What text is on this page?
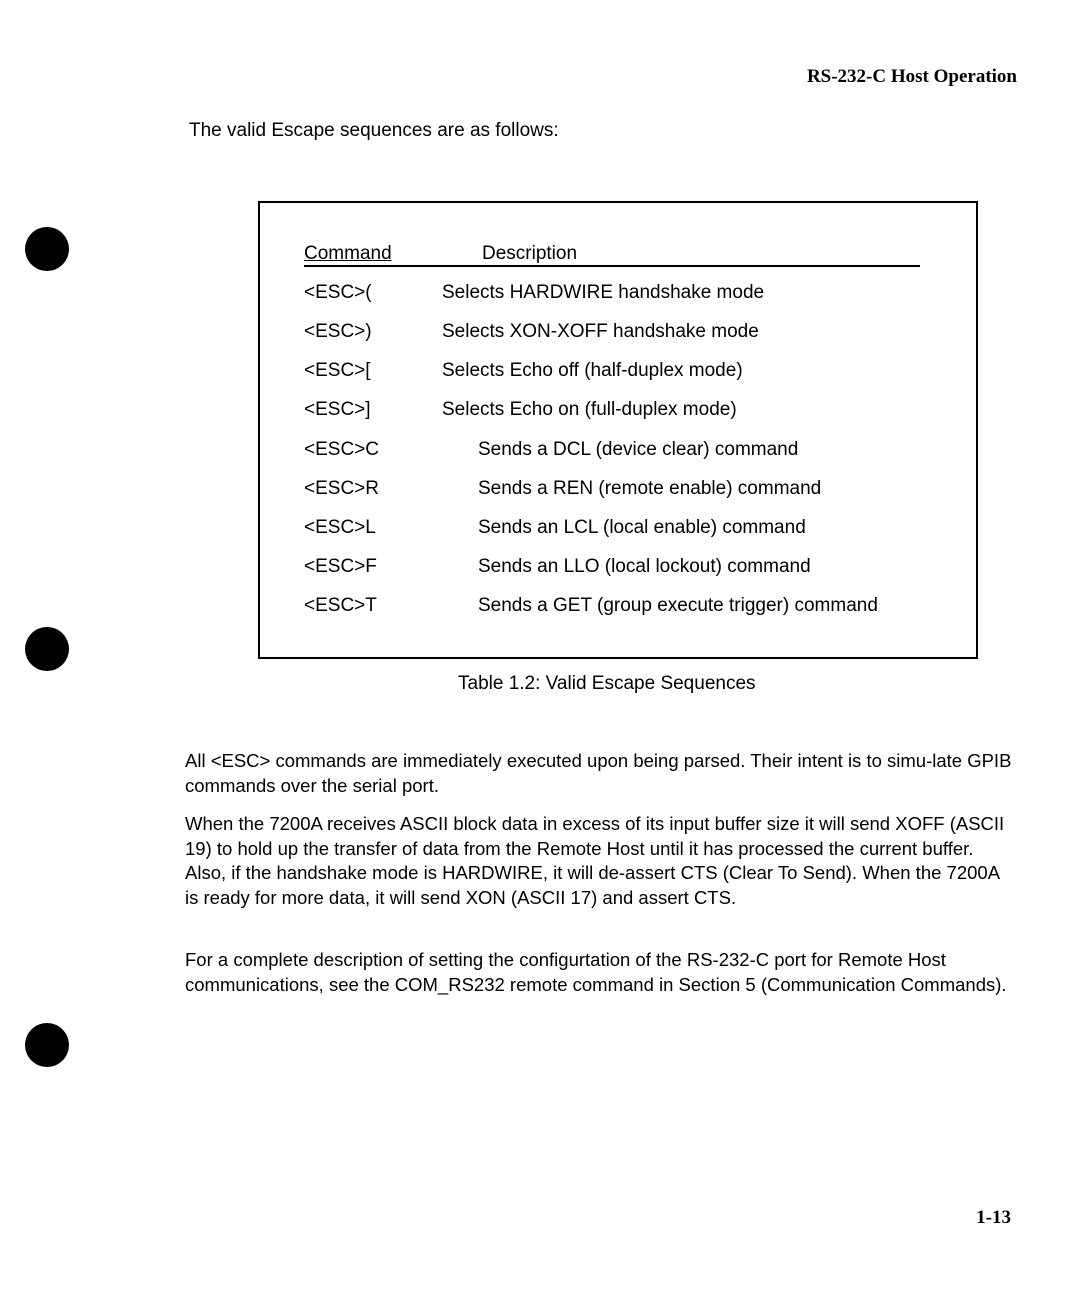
RS-232-C Host Operation
The valid Escape sequences are as follows:
Command	Description
<ESC>(	Selects HARDWIRE handshake mode
<ESC>)	Selects XON-XOFF handshake mode
<ESC>[	Selects Echo off (half-duplex mode)
<ESC>]	Selects Echo on (full-duplex mode)
<ESC>C	Sends a DCL (device clear) command
<ESC>R	Sends a REN (remote enable) command
<ESC>L	Sends an LCL (local enable) command
<ESC>F	Sends an LLO (local lockout) command
<ESC>T	Sends a GET (group execute trigger) command
Table 1.2: Valid Escape Sequences
All <ESC> commands are immediately executed upon being parsed. Their intent is to simu-late GPIB commands over the serial port.
When the 7200A receives ASCII block data in excess of its input buffer size it will send XOFF (ASCII 19) to hold up the transfer of data from the Remote Host until it has processed the current buffer. Also, if the handshake mode is HARDWIRE, it will de-assert CTS (Clear To Send). When the 7200A is ready for more data, it will send XON (ASCII 17) and assert CTS.
For a complete description of setting the configurtation of the RS-232-C port for Remote Host communications, see the COM_RS232 remote command in Section 5 (Communication Commands).
1-13
